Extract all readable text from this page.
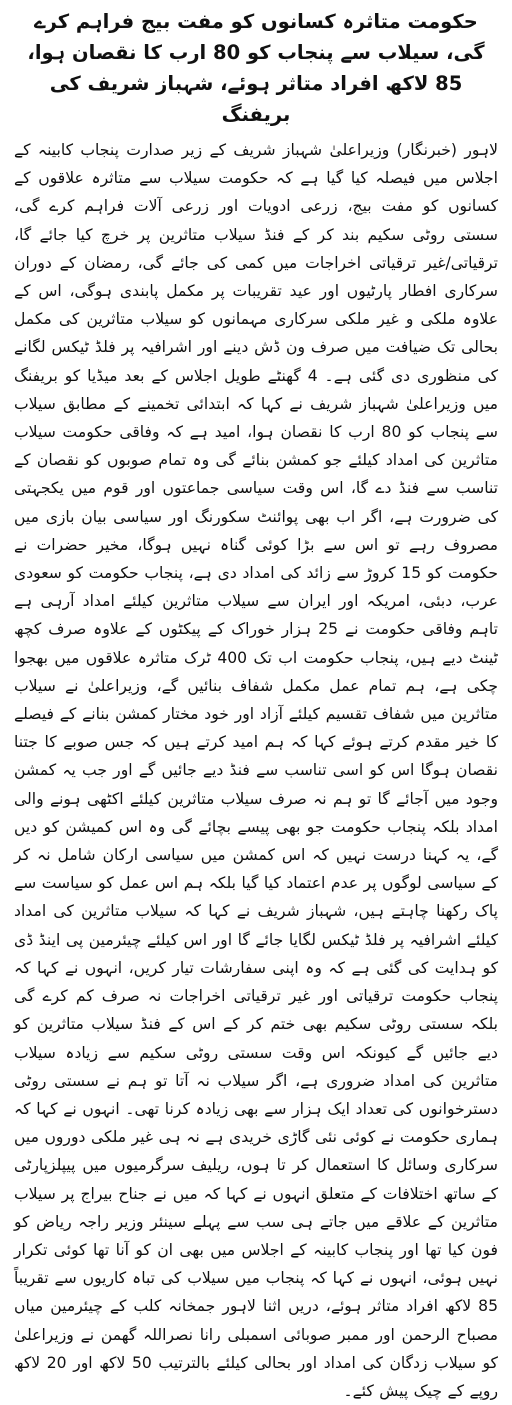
حکومت متاثرہ کسانوں کو مفت بیج فراہم کرے گی، سیلاب سے پنجاب کو 80 ارب کا نقصان ہوا، 85 لاکھ افراد متاثر ہوئے، شہباز شریف کی بریفنگ

لاہور (خبرنگار) وزیراعلیٰ شہباز شریف کے زیر صدارت پنجاب کابینہ کے اجلاس میں فیصلہ کیا گیا ہے کہ حکومت سیلاب سے متاثرہ علاقوں کے کسانوں کو مفت بیج، زرعی ادویات اور زرعی آلات فراہم کرے گی، سستی روٹی سکیم بند کر کے فنڈ سیلاب متاثرین پر خرچ کیا جائے گا، ترقیاتی/غیر ترقیاتی اخراجات میں کمی کی جائے گی، رمضان کے دوران سرکاری افطار پارٹیوں اور عید تقریبات پر مکمل پابندی ہوگی، اس کے علاوہ ملکی و غیر ملکی سرکاری مہمانوں کو سیلاب متاثرین کی مکمل بحالی تک ضیافت میں صرف ون ڈش دینے اور اشرافیہ پر فلڈ ٹیکس لگانے کی منظوری دی گئی ہے۔ 4 گھنٹے طویل اجلاس کے بعد میڈیا کو بریفنگ میں وزیراعلیٰ شہباز شریف نے کہا کہ ابتدائی تخمینے کے مطابق سیلاب سے پنجاب کو 80 ارب کا نقصان ہوا، امید ہے کہ وفاقی حکومت سیلاب متاثرین کی امداد کیلئے جو کمشن بنائے گی وہ تمام صوبوں کو نقصان کے تناسب سے فنڈ دے گا، اس وقت سیاسی جماعتوں اور قوم میں یکجہتی کی ضرورت ہے، اگر اب بھی پوائنٹ سکورنگ اور سیاسی بیان بازی میں مصروف رہے تو اس سے بڑا کوئی گناہ نہیں ہوگا، مخیر حضرات نے حکومت کو 15 کروڑ سے زائد کی امداد دی ہے، پنجاب حکومت کو سعودی عرب، دبئی، امریکہ اور ایران سے سیلاب متاثرین کیلئے امداد آرہی ہے تاہم وفاقی حکومت نے 25 ہزار خوراک کے پیکٹوں کے علاوہ صرف کچھ ٹینٹ دیے ہیں، پنجاب حکومت اب تک 400 ٹرک متاثرہ علاقوں میں بھجوا چکی ہے، ہم تمام عمل مکمل شفاف بنائیں گے، وزیراعلیٰ نے سیلاب متاثرین میں شفاف تقسیم کیلئے آزاد اور خود مختار کمشن بنانے کے فیصلے کا خیر مقدم کرتے ہوئے کہا کہ ہم امید کرتے ہیں کہ جس صوبے کا جتنا نقصان ہوگا اس کو اسی تناسب سے فنڈ دیے جائیں گے اور جب یہ کمشن وجود میں آجائے گا تو ہم نہ صرف سیلاب متاثرین کیلئے اکٹھی ہونے والی امداد بلکہ پنجاب حکومت جو بھی پیسے بچائے گی وہ اس کمیشن کو دیں گے، یہ کہنا درست نہیں کہ اس کمشن میں سیاسی ارکان شامل نہ کر کے سیاسی لوگوں پر عدم اعتماد کیا گیا بلکہ ہم اس عمل کو سیاست سے پاک رکھنا چاہتے ہیں، شہباز شریف نے کہا کہ سیلاب متاثرین کی امداد کیلئے اشرافیہ پر فلڈ ٹیکس لگایا جائے گا اور اس کیلئے چیئرمین پی اینڈ ڈی کو ہدایت کی گئی ہے کہ وہ اپنی سفارشات تیار کریں، انہوں نے کہا کہ پنجاب حکومت ترقیاتی اور غیر ترقیاتی اخراجات نہ صرف کم کرے گی بلکہ سستی روٹی سکیم بھی ختم کر کے اس کے فنڈ سیلاب متاثرین کو دیے جائیں گے کیونکہ اس وقت سستی روٹی سکیم سے زیادہ سیلاب متاثرین کی امداد ضروری ہے، اگر سیلاب نہ آتا تو ہم نے سستی روٹی دسترخوانوں کی تعداد ایک ہزار سے بھی زیادہ کرنا تھی۔ انہوں نے کہا کہ ہماری حکومت نے کوئی نئی گاڑی خریدی ہے نہ ہی غیر ملکی دوروں میں سرکاری وسائل کا استعمال کر تا ہوں، ریلیف سرگرمیوں میں پیپلزپارٹی کے ساتھ اختلافات کے متعلق انہوں نے کہا کہ میں نے جناح بیراج پر سیلاب متاثرین کے علاقے میں جاتے ہی سب سے پہلے سینئر وزیر راجہ ریاض کو فون کیا تھا اور پنجاب کابینہ کے اجلاس میں بھی ان کو آنا تھا کوئی تکرار نہیں ہوئی، انہوں نے کہا کہ پنجاب میں سیلاب کی تباہ کاریوں سے تقریباً 85 لاکھ افراد متاثر ہوئے، دریں اثنا لاہور جمخانہ کلب کے چیئرمین میاں مصباح الرحمن اور ممبر صوبائی اسمبلی رانا نصراللہ گھمن نے وزیراعلیٰ کو سیلاب زدگان کی امداد اور بحالی کیلئے بالترتیب 50 لاکھ اور 20 لاکھ روپے کے چیک پیش کئے۔
